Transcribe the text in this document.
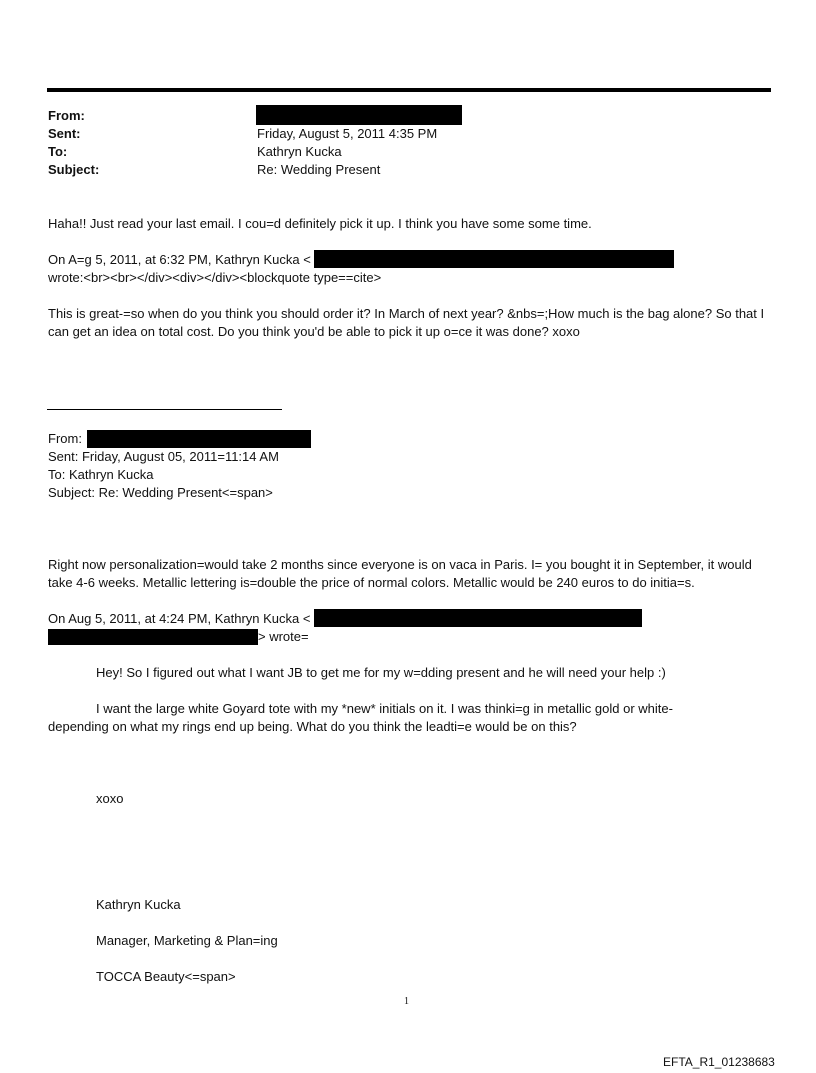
From:
Sent:	Friday, August 5, 2011 4:35 PM
To:	Kathryn Kucka
Subject:	Re: Wedding Present
Haha!! Just read your last email. I cou=d definitely pick it up. I think you have some some time.
On A=g 5, 2011, at 6:32 PM, Kathryn Kucka <
wrote:<br><br></div><div></div><blockquote type==cite>
This is great-=so when do you think you should order it? In March of next year? &nbs=;How much is the bag alone? So that I can get an idea on total cost. Do you think you'd be able to pick it up o=ce it was done? xoxo
From:
Sent: Friday, August 05, 2011=11:14 AM
To: Kathryn Kucka
Subject: Re: Wedding Present<=span>
Right now personalization=would take 2 months since everyone is on vaca in Paris. I= you bought it in September, it would take 4-6 weeks. Metallic lettering is=double the price of normal colors. Metallic would be 240 euros to do initia=s.
On Aug 5, 2011, at 4:24 PM, Kathryn Kucka <
> wrote=
Hey! So I figured out what I want JB to get me for my w=dding present and he will need your help :)
I want the large white Goyard tote with my *new* initials on it. I was thinki=g in metallic gold or white-
depending on what my rings end up being. What do you think the leadti=e would be on this?
xoxo
Kathryn Kucka
Manager, Marketing & Plan=ing
TOCCA Beauty<=span>
1
EFTA_R1_01238683
